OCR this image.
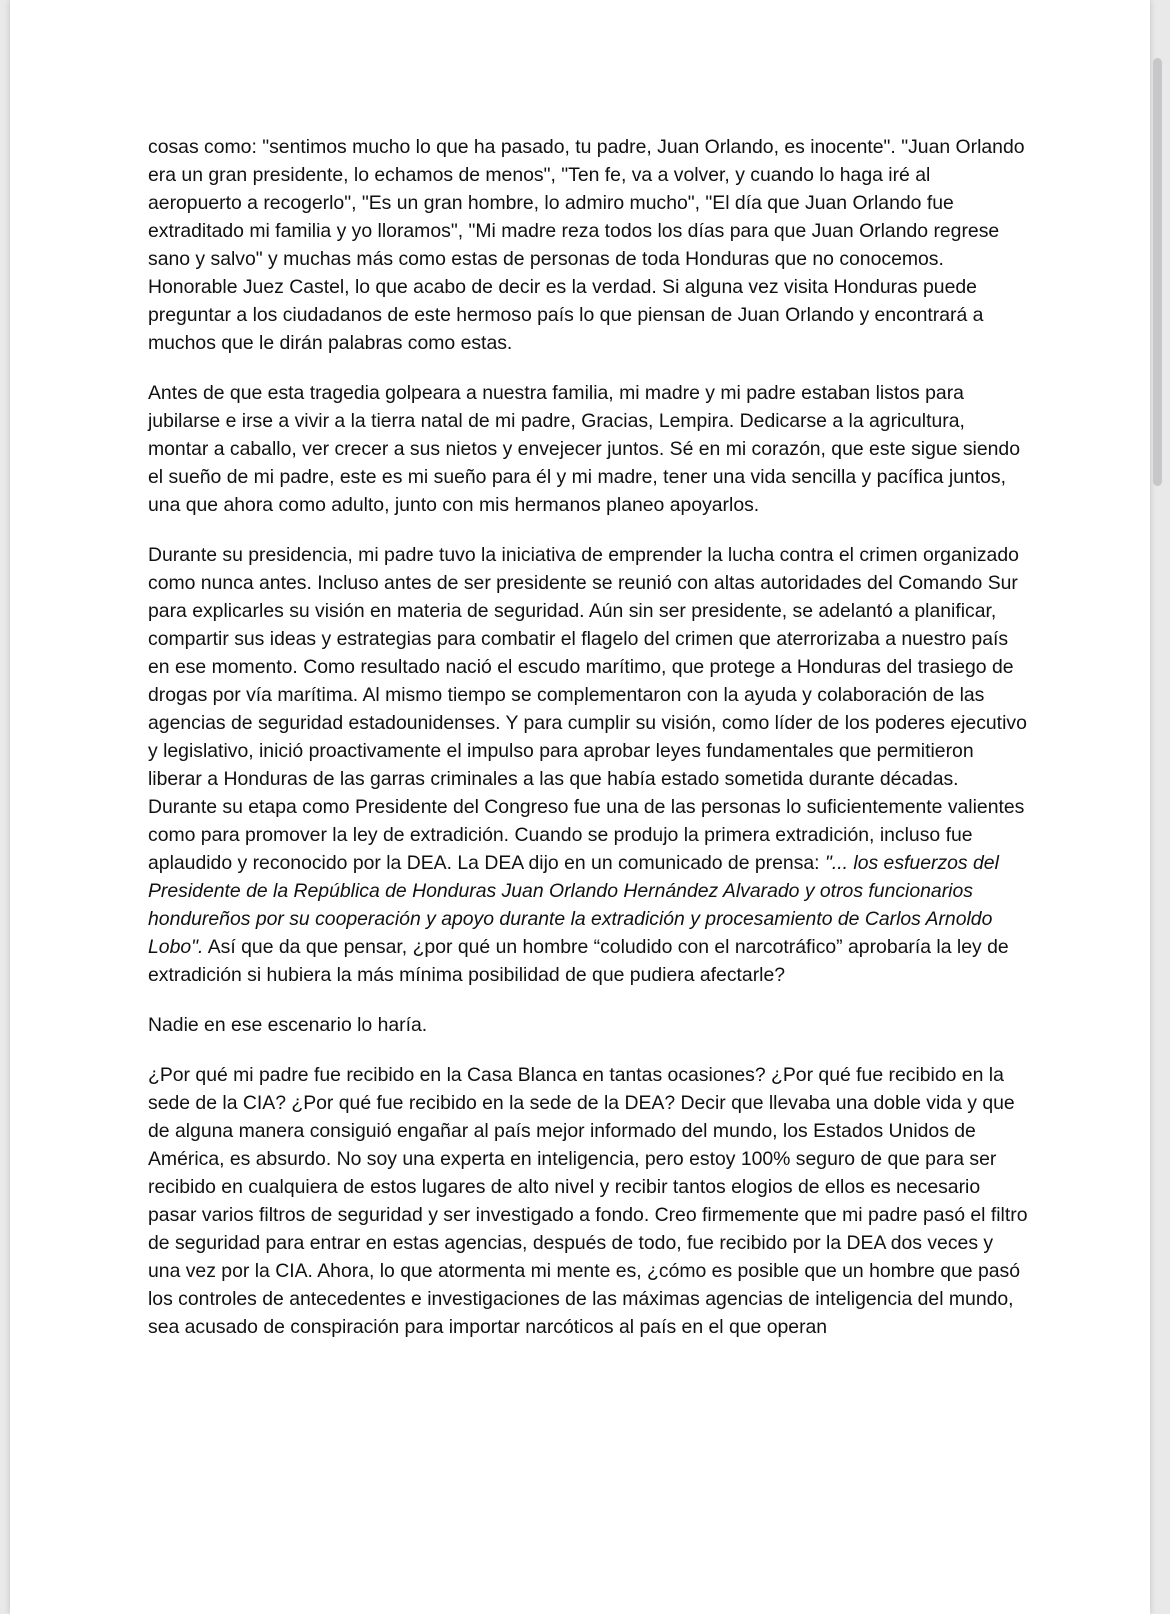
cosas como: "sentimos mucho lo que ha pasado, tu padre, Juan Orlando, es inocente". "Juan Orlando era un gran presidente, lo echamos de menos", "Ten fe, va a volver, y cuando lo haga iré al aeropuerto a recogerlo", "Es un gran hombre, lo admiro mucho", "El día que Juan Orlando fue extraditado mi familia y yo lloramos", "Mi madre reza todos los días para que Juan Orlando regrese sano y salvo" y muchas más como estas de personas de toda Honduras que no conocemos. Honorable Juez Castel, lo que acabo de decir es la verdad. Si alguna vez visita Honduras puede preguntar a los ciudadanos de este hermoso país lo que piensan de Juan Orlando y encontrará a muchos que le dirán palabras como estas.

Antes de que esta tragedia golpeara a nuestra familia, mi madre y mi padre estaban listos para jubilarse e irse a vivir a la tierra natal de mi padre, Gracias, Lempira. Dedicarse a la agricultura, montar a caballo, ver crecer a sus nietos y envejecer juntos. Sé en mi corazón, que este sigue siendo el sueño de mi padre, este es mi sueño para él y mi madre, tener una vida sencilla y pacífica juntos, una que ahora como adulto, junto con mis hermanos planeo apoyarlos.

Durante su presidencia, mi padre tuvo la iniciativa de emprender la lucha contra el crimen organizado como nunca antes. Incluso antes de ser presidente se reunió con altas autoridades del Comando Sur para explicarles su visión en materia de seguridad. Aún sin ser presidente, se adelantó a planificar, compartir sus ideas y estrategias para combatir el flagelo del crimen que aterrorizaba a nuestro país en ese momento. Como resultado nació el escudo marítimo, que protege a Honduras del trasiego de drogas por vía marítima. Al mismo tiempo se complementaron con la ayuda y colaboración de las agencias de seguridad estadounidenses. Y para cumplir su visión, como líder de los poderes ejecutivo y legislativo, inició proactivamente el impulso para aprobar leyes fundamentales que permitieron liberar a Honduras de las garras criminales a las que había estado sometida durante décadas. Durante su etapa como Presidente del Congreso fue una de las personas lo suficientemente valientes como para promover la ley de extradición. Cuando se produjo la primera extradición, incluso fue aplaudido y reconocido por la DEA. La DEA dijo en un comunicado de prensa: "... los esfuerzos del Presidente de la República de Honduras Juan Orlando Hernández Alvarado y otros funcionarios hondureños por su cooperación y apoyo durante la extradición y procesamiento de Carlos Arnoldo Lobo". Así que da que pensar, ¿por qué un hombre “coludido con el narcotráfico” aprobaría la ley de extradición si hubiera la más mínima posibilidad de que pudiera afectarle?

Nadie en ese escenario lo haría.

¿Por qué mi padre fue recibido en la Casa Blanca en tantas ocasiones? ¿Por qué fue recibido en la sede de la CIA? ¿Por qué fue recibido en la sede de la DEA? Decir que llevaba una doble vida y que de alguna manera consiguió engañar al país mejor informado del mundo, los Estados Unidos de América, es absurdo. No soy una experta en inteligencia, pero estoy 100% seguro de que para ser recibido en cualquiera de estos lugares de alto nivel y recibir tantos elogios de ellos es necesario pasar varios filtros de seguridad y ser investigado a fondo. Creo firmemente que mi padre pasó el filtro de seguridad para entrar en estas agencias, después de todo, fue recibido por la DEA dos veces y una vez por la CIA. Ahora, lo que atormenta mi mente es, ¿cómo es posible que un hombre que pasó los controles de antecedentes e investigaciones de las máximas agencias de inteligencia del mundo, sea acusado de conspiración para importar narcóticos al país en el que operan
